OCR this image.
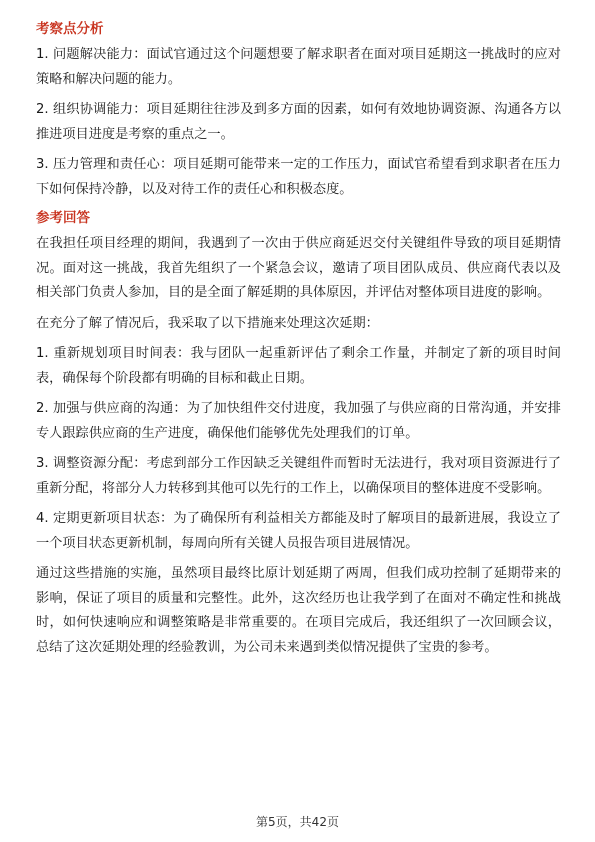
考察点分析

1. 问题解决能力：面试官通过这个问题想要了解求职者在面对项目延期这一挑战时的应对策略和解决问题的能力。

2. 组织协调能力：项目延期往往涉及到多方面的因素，如何有效地协调资源、沟通各方以推进项目进度是考察的重点之一。

3. 压力管理和责任心：项目延期可能带来一定的工作压力，面试官希望看到求职者在压力下如何保持冷静，以及对待工作的责任心和积极态度。

参考回答

在我担任项目经理的期间，我遇到了一次由于供应商延迟交付关键组件导致的项目延期情况。面对这一挑战，我首先组织了一个紧急会议，邀请了项目团队成员、供应商代表以及相关部门负责人参加，目的是全面了解延期的具体原因，并评估对整体项目进度的影响。

在充分了解了情况后，我采取了以下措施来处理这次延期：

1. 重新规划项目时间表：我与团队一起重新评估了剩余工作量，并制定了新的项目时间表，确保每个阶段都有明确的目标和截止日期。

2. 加强与供应商的沟通：为了加快组件交付进度，我加强了与供应商的日常沟通，并安排专人跟踪供应商的生产进度，确保他们能够优先处理我们的订单。

3. 调整资源分配：考虑到部分工作因缺乏关键组件而暂时无法进行，我对项目资源进行了重新分配，将部分人力转移到其他可以先行的工作上，以确保项目的整体进度不受影响。

4. 定期更新项目状态：为了确保所有利益相关方都能及时了解项目的最新进展，我设立了一个项目状态更新机制，每周向所有关键人员报告项目进展情况。

通过这些措施的实施，虽然项目最终比原计划延期了两周，但我们成功控制了延期带来的影响，保证了项目的质量和完整性。此外，这次经历也让我学到了在面对不确定性和挑战时，如何快速响应和调整策略是非常重要的。在项目完成后，我还组织了一次回顾会议，总结了这次延期处理的经验教训，为公司未来遇到类似情况提供了宝贵的参考。

第5页，共42页
